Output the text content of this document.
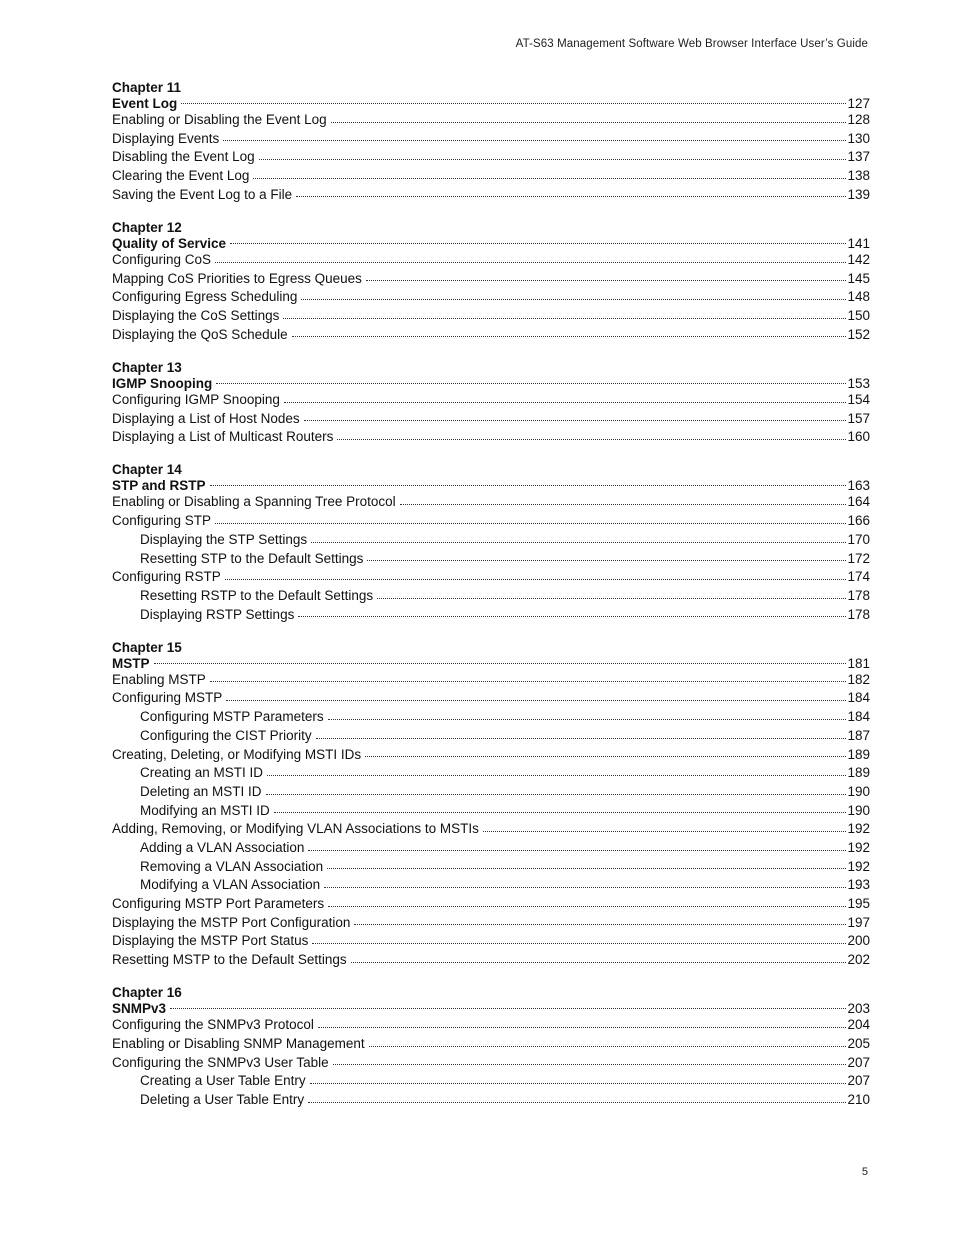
AT-S63 Management Software Web Browser Interface User’s Guide
Chapter 11
Event Log	127
Enabling or Disabling the Event Log	128
Displaying Events	130
Disabling the Event Log	137
Clearing the Event Log	138
Saving the Event Log to a File	139
Chapter 12
Quality of Service	141
Configuring CoS	142
Mapping CoS Priorities to Egress Queues	145
Configuring Egress Scheduling	148
Displaying the CoS Settings	150
Displaying the QoS Schedule	152
Chapter 13
IGMP Snooping	153
Configuring IGMP Snooping	154
Displaying a List of Host Nodes	157
Displaying a List of Multicast Routers	160
Chapter 14
STP and RSTP	163
Enabling or Disabling a Spanning Tree Protocol	164
Configuring STP	166
Displaying the STP Settings	170
Resetting STP to the Default Settings	172
Configuring RSTP	174
Resetting RSTP to the Default Settings	178
Displaying RSTP Settings	178
Chapter 15
MSTP	181
Enabling MSTP	182
Configuring MSTP	184
Configuring MSTP Parameters	184
Configuring the CIST Priority	187
Creating, Deleting, or Modifying MSTI IDs	189
Creating an MSTI ID	189
Deleting an MSTI ID	190
Modifying an MSTI ID	190
Adding, Removing, or Modifying VLAN Associations to MSTIs	192
Adding a VLAN Association	192
Removing a VLAN Association	192
Modifying a VLAN Association	193
Configuring MSTP Port Parameters	195
Displaying the MSTP Port Configuration	197
Displaying the MSTP Port Status	200
Resetting MSTP to the Default Settings	202
Chapter 16
SNMPv3	203
Configuring the SNMPv3 Protocol	204
Enabling or Disabling SNMP Management	205
Configuring the SNMPv3 User Table	207
Creating a User Table Entry	207
Deleting a User Table Entry	210
5
